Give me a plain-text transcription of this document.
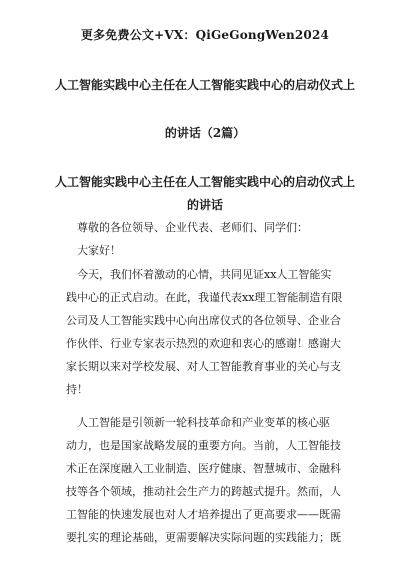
更多免费公文+VX：QiGeGongWen2024
人工智能实践中心主任在人工智能实践中心的启动仪式上
的讲话（2篇）
人工智能实践中心主任在人工智能实践中心的启动仪式上
的讲话
　尊敬的各位领导、企业代表、老师们、同学们：
　大家好！
　今天，我们怀着激动的心情，共同见证xx人工智能实
践中心的正式启动。在此，我谨代表xx理工智能制造有限
公司及人工智能实践中心向出席仪式的各位领导、企业合
作伙伴、行业专家表示热烈的欢迎和衷心的感谢！感谢大
家长期以来对学校发展、对人工智能教育事业的关心与支
持！
　人工智能是引领新一轮科技革命和产业变革的核心驱
动力，也是国家战略发展的重要方向。当前，人工智能技
术正在深度融入工业制造、医疗健康、智慧城市、金融科
技等各个领域，推动社会生产力的跨越式提升。然而，人
工智能的快速发展也对人才培养提出了更高要求——既需
要扎实的理论基础，更需要解决实际问题的实践能力；既
